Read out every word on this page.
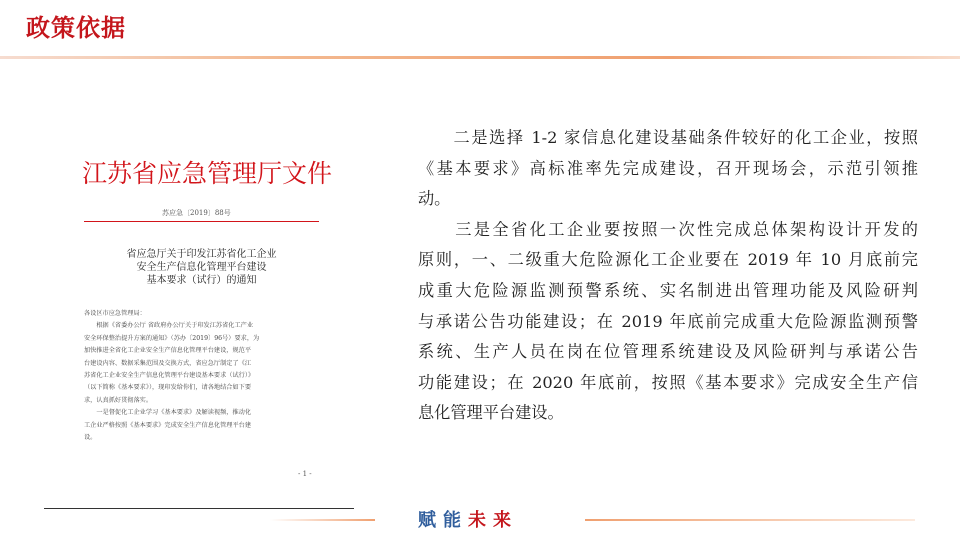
政策依据
江苏省应急管理厅文件
苏应急〔2019〕88号
省应急厅关于印发江苏省化工企业
安全生产信息化管理平台建设
基本要求（试行）的通知
各设区市应急管理局：
　　根据《省委办公厅 省政府办公厅关于印发江苏省化工产业
安全环保整治提升方案的通知》（苏办〔2019〕96号）要求，为
加快推进全省化工企业安全生产信息化管理平台建设，规范平
台建设内容、数据采集范围及交换方式，省应急厅制定了《江
苏省化工企业安全生产信息化管理平台建设基本要求（试行）》
（以下简称《基本要求》），现印发给你们，请各地结合如下要
求，认真抓好贯彻落实。
　　一是督促化工企业学习《基本要求》及解读视频，推动化
工企业严格按照《基本要求》完成安全生产信息化管理平台建
设。
- 1 -
　　二是选择 1-2 家信息化建设基础条件较好的化工企业，按照
《基本要求》高标准率先完成建设，召开现场会，示范引领推
动。
　　三是全省化工企业要按照一次性完成总体架构设计开发的
原则，一、二级重大危险源化工企业要在 2019 年 10 月底前完
成重大危险源监测预警系统、实名制进出管理功能及风险研判
与承诺公告功能建设；在 2019 年底前完成重大危险源监测预警
系统、生产人员在岗在位管理系统建设及风险研判与承诺公告
功能建设；在 2020 年底前，按照《基本要求》完成安全生产信
息化管理平台建设。
赋能未来
